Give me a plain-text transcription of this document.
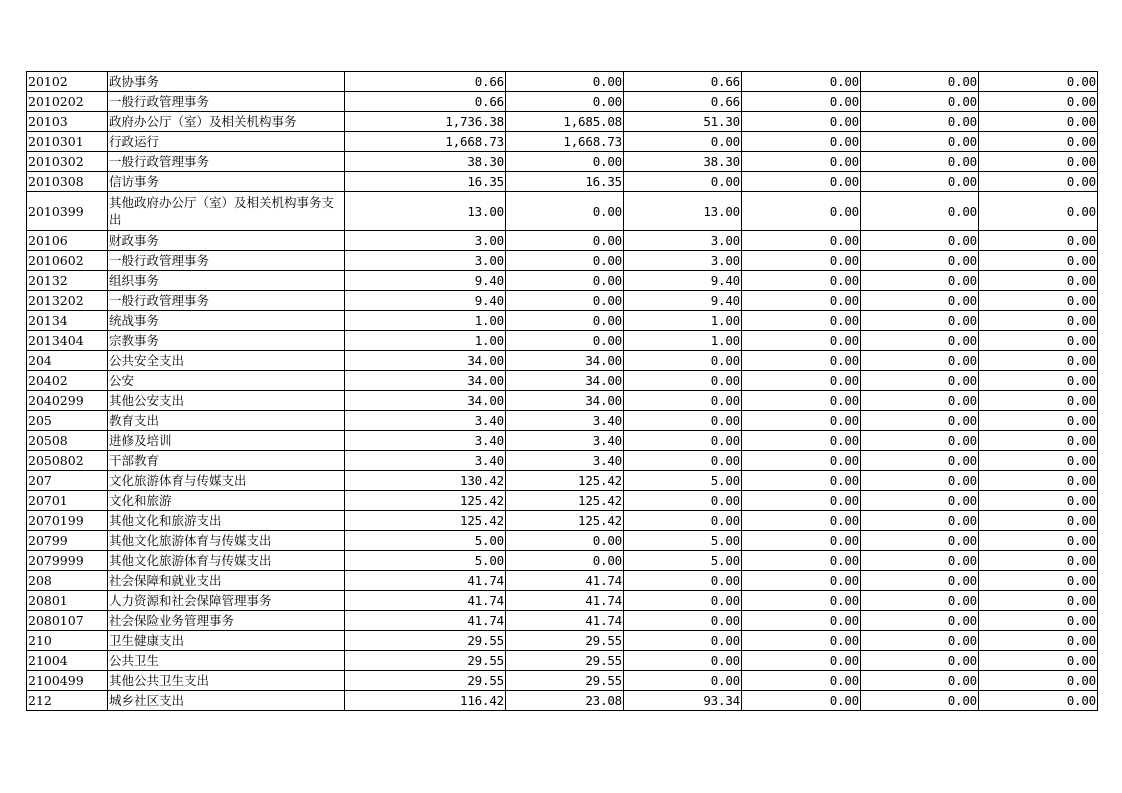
20102	政协事务	0.66	0.00	0.66	0.00	0.00	0.00
2010202	一般行政管理事务	0.66	0.00	0.66	0.00	0.00	0.00
20103	政府办公厅（室）及相关机构事务	1,736.38	1,685.08	51.30	0.00	0.00	0.00
2010301	行政运行	1,668.73	1,668.73	0.00	0.00	0.00	0.00
2010302	一般行政管理事务	38.30	0.00	38.30	0.00	0.00	0.00
2010308	信访事务	16.35	16.35	0.00	0.00	0.00	0.00
2010399	其他政府办公厅（室）及相关机构事务支出	13.00	0.00	13.00	0.00	0.00	0.00
20106	财政事务	3.00	0.00	3.00	0.00	0.00	0.00
2010602	一般行政管理事务	3.00	0.00	3.00	0.00	0.00	0.00
20132	组织事务	9.40	0.00	9.40	0.00	0.00	0.00
2013202	一般行政管理事务	9.40	0.00	9.40	0.00	0.00	0.00
20134	统战事务	1.00	0.00	1.00	0.00	0.00	0.00
2013404	宗教事务	1.00	0.00	1.00	0.00	0.00	0.00
204	公共安全支出	34.00	34.00	0.00	0.00	0.00	0.00
20402	公安	34.00	34.00	0.00	0.00	0.00	0.00
2040299	其他公安支出	34.00	34.00	0.00	0.00	0.00	0.00
205	教育支出	3.40	3.40	0.00	0.00	0.00	0.00
20508	进修及培训	3.40	3.40	0.00	0.00	0.00	0.00
2050802	干部教育	3.40	3.40	0.00	0.00	0.00	0.00
207	文化旅游体育与传媒支出	130.42	125.42	5.00	0.00	0.00	0.00
20701	文化和旅游	125.42	125.42	0.00	0.00	0.00	0.00
2070199	其他文化和旅游支出	125.42	125.42	0.00	0.00	0.00	0.00
20799	其他文化旅游体育与传媒支出	5.00	0.00	5.00	0.00	0.00	0.00
2079999	其他文化旅游体育与传媒支出	5.00	0.00	5.00	0.00	0.00	0.00
208	社会保障和就业支出	41.74	41.74	0.00	0.00	0.00	0.00
20801	人力资源和社会保障管理事务	41.74	41.74	0.00	0.00	0.00	0.00
2080107	社会保险业务管理事务	41.74	41.74	0.00	0.00	0.00	0.00
210	卫生健康支出	29.55	29.55	0.00	0.00	0.00	0.00
21004	公共卫生	29.55	29.55	0.00	0.00	0.00	0.00
2100499	其他公共卫生支出	29.55	29.55	0.00	0.00	0.00	0.00
212	城乡社区支出	116.42	23.08	93.34	0.00	0.00	0.00
